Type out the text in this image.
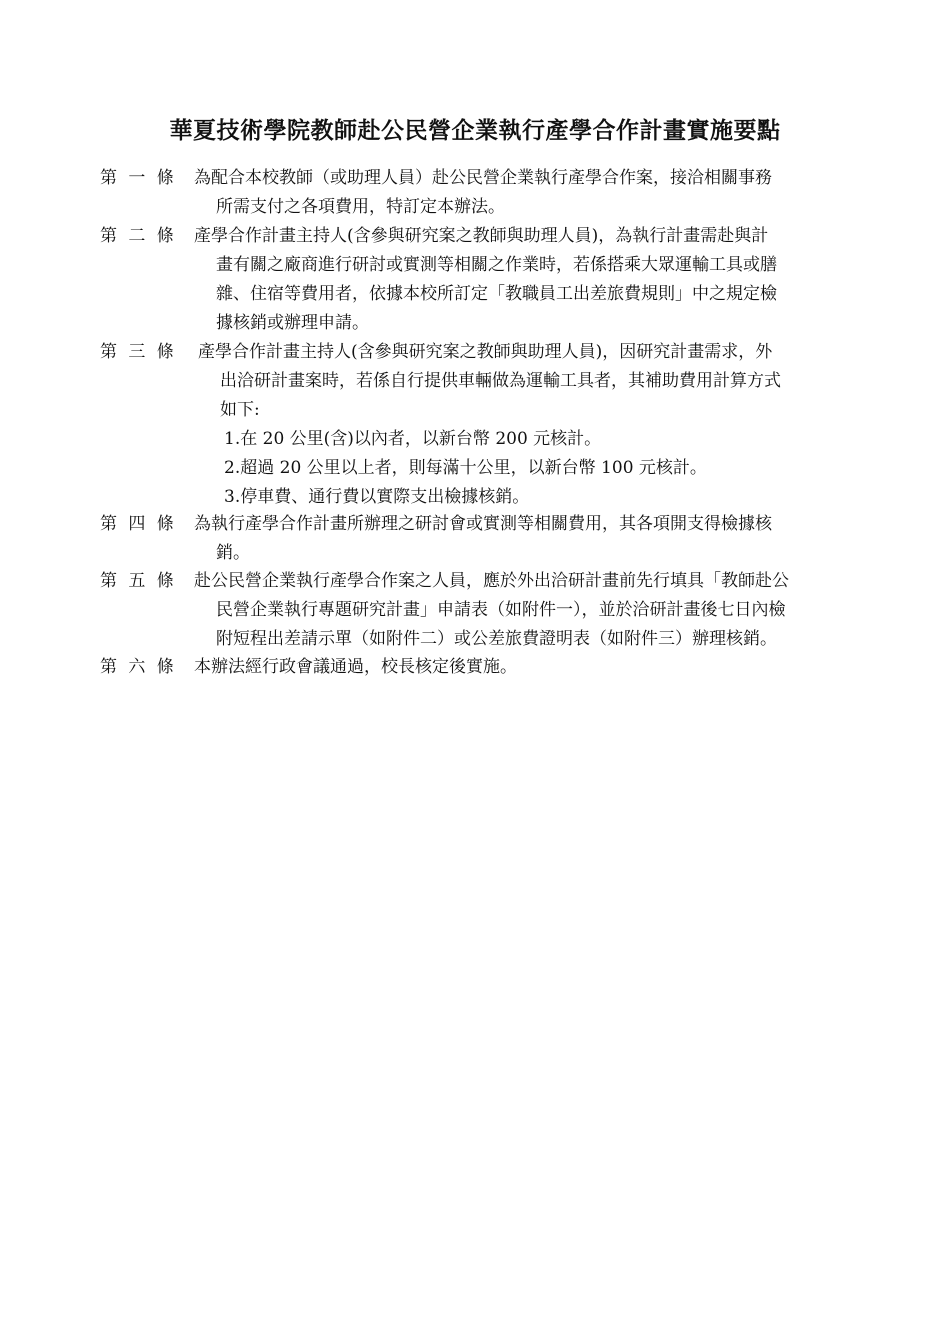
華夏技術學院教師赴公民營企業執行產學合作計畫實施要點
第 一 條	為配合本校教師（或助理人員）赴公民營企業執行產學合作案，接洽相關事務
所需支付之各項費用，特訂定本辦法。
第 二 條	產學合作計畫主持人(含參與研究案之教師與助理人員)，為執行計畫需赴與計
畫有關之廠商進行研討或實測等相關之作業時，若係搭乘大眾運輸工具或膳
雜、住宿等費用者，依據本校所訂定「教職員工出差旅費規則」中之規定檢
據核銷或辦理申請。
第 三 條	產學合作計畫主持人(含參與研究案之教師與助理人員)，因研究計畫需求，外
出洽研計畫案時，若係自行提供車輛做為運輸工具者，其補助費用計算方式
如下:
1.在 20 公里(含)以內者，以新台幣 200 元核計。
2.超過 20 公里以上者，則每滿十公里，以新台幣 100 元核計。
3.停車費、通行費以實際支出檢據核銷。
第 四 條	為執行產學合作計畫所辦理之研討會或實測等相關費用，其各項開支得檢據核
銷。
第 五 條	赴公民營企業執行產學合作案之人員，應於外出洽研計畫前先行填具「教師赴公
民營企業執行專題研究計畫」申請表（如附件一），並於洽研計畫後七日內檢
附短程出差請示單（如附件二）或公差旅費證明表（如附件三）辦理核銷。
第 六 條	本辦法經行政會議通過，校長核定後實施。
